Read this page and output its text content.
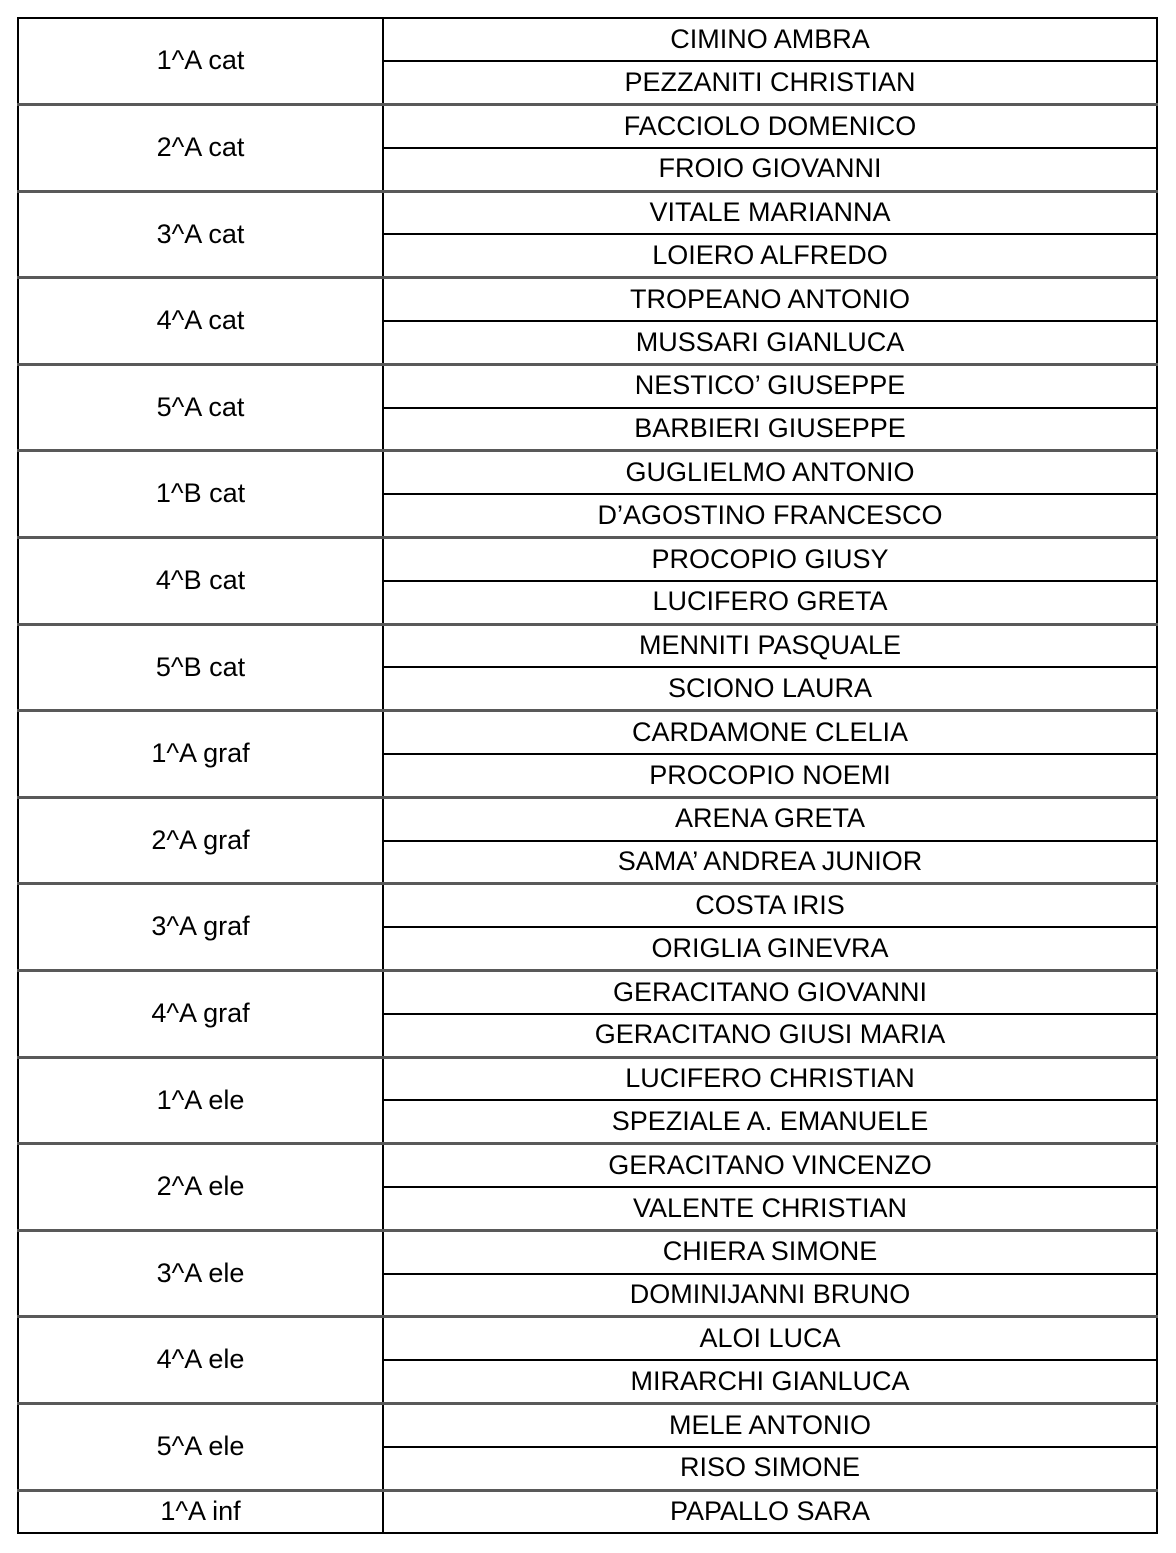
1^A cat	CIMINO AMBRA
	PEZZANITI CHRISTIAN
2^A cat	FACCIOLO DOMENICO
	FROIO GIOVANNI
3^A cat	VITALE MARIANNA
	LOIERO ALFREDO
4^A cat	TROPEANO ANTONIO
	MUSSARI GIANLUCA
5^A cat	NESTICO’ GIUSEPPE
	BARBIERI GIUSEPPE
1^B cat	GUGLIELMO ANTONIO
	D’AGOSTINO FRANCESCO
4^B cat	PROCOPIO GIUSY
	LUCIFERO GRETA
5^B cat	MENNITI PASQUALE
	SCIONO LAURA
1^A graf	CARDAMONE CLELIA
	PROCOPIO NOEMI
2^A graf	ARENA GRETA
	SAMA’ ANDREA JUNIOR
3^A graf	COSTA IRIS
	ORIGLIA GINEVRA
4^A graf	GERACITANO GIOVANNI
	GERACITANO GIUSI MARIA
1^A ele	LUCIFERO CHRISTIAN
	SPEZIALE A. EMANUELE
2^A ele	GERACITANO VINCENZO
	VALENTE CHRISTIAN
3^A ele	CHIERA SIMONE
	DOMINIJANNI BRUNO
4^A ele	ALOI LUCA
	MIRARCHI GIANLUCA
5^A ele	MELE ANTONIO
	RISO SIMONE
1^A inf	PAPALLO SARA
